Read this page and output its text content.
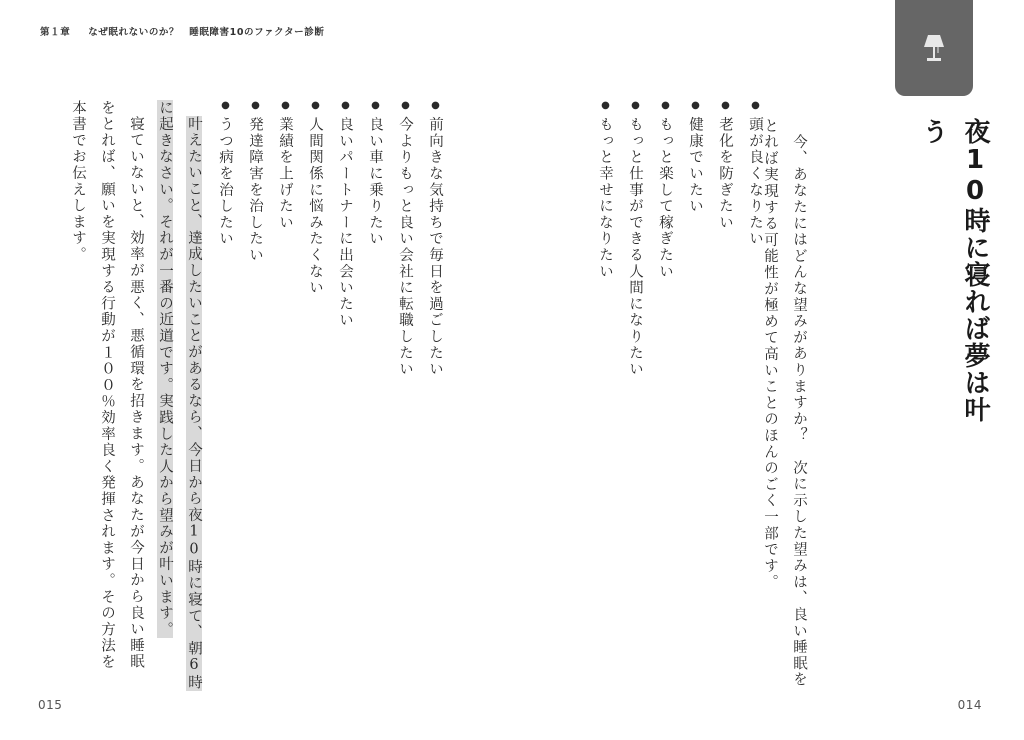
第１章 なぜ眠れないのか？　睡眠障害10のファクター診断
夜10時に寝れば夢は叶う
今、あなたにはどんな望みがありますか？　次に示した望みは、良い睡眠を
とれば実現する可能性が極めて高いことのほんのごく一部です。
● 頭が良くなりたい
● 老化を防ぎたい
● 健康でいたい
● もっと楽して稼ぎたい
● もっと仕事ができる人間になりたい
● もっと幸せになりたい
● 前向きな気持ちで毎日を過ごしたい
● 今よりもっと良い会社に転職したい
● 良い車に乗りたい
● 良いパートナーに出会いたい
● 人間関係に悩みたくない
● 業績を上げたい
● 発達障害を治したい
● うつ病を治したい
叶えたいこと、達成したいことがあるなら、今日から夜10時に寝て、朝6時
に起きなさい。それが一番の近道です。実践した人から望みが叶います。
寝ていないと、効率が悪く、悪循環を招きます。あなたが今日から良い睡眠
をとれば、願いを実現する行動が１００％効率良く発揮されます。その方法を
本書でお伝えします。
015	014
